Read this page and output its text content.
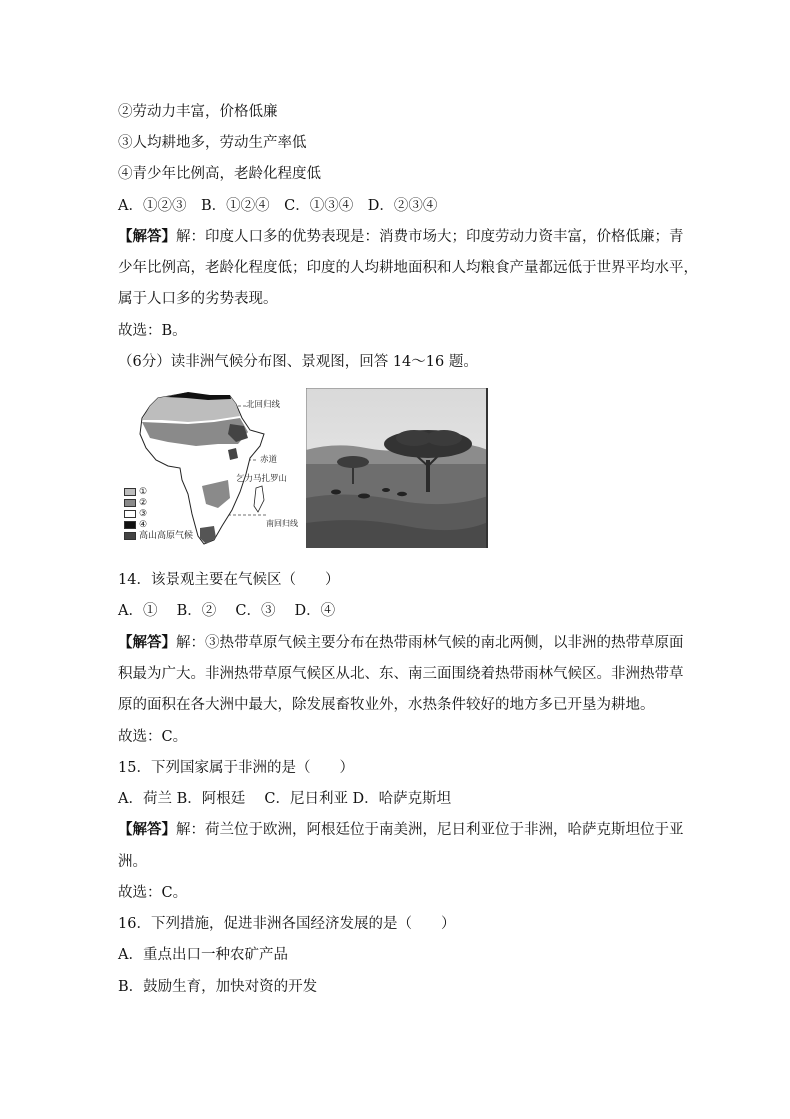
②劳动力丰富，价格低廉
③人均耕地多，劳动生产率低
④青少年比例高，老龄化程度低
A．①②③　B．①②④　C．①③④　D．②③④
【解答】解：印度人口多的优势表现是：消费市场大；印度劳动力资丰富，价格低廉；青
少年比例高，老龄化程度低；印度的人均耕地面积和人均粮食产量都远低于世界平均水平，
属于人口多的劣势表现。
故选：B。
（6分）读非洲气候分布图、景观图，回答 14～16 题。
北回归线
赤道
乞力马扎罗山
南回归线
①
②
③
④
高山高原气候
14．该景观主要在气候区（　　）
A．①　 B．②　 C．③　 D．④
【解答】解：③热带草原气候主要分布在热带雨林气候的南北两侧，以非洲的热带草原面
积最为广大。非洲热带草原气候区从北、东、南三面围绕着热带雨林气候区。非洲热带草
原的面积在各大洲中最大，除发展畜牧业外，水热条件较好的地方多已开垦为耕地。
故选：C。
15．下列国家属于非洲的是（　　）
A．荷兰 B．阿根廷　 C．尼日利亚 D．哈萨克斯坦
【解答】解：荷兰位于欧洲，阿根廷位于南美洲，尼日利亚位于非洲，哈萨克斯坦位于亚
洲。
故选：C。
16．下列措施，促进非洲各国经济发展的是（　　）
A．重点出口一种农矿产品
B．鼓励生育，加快对资的开发
